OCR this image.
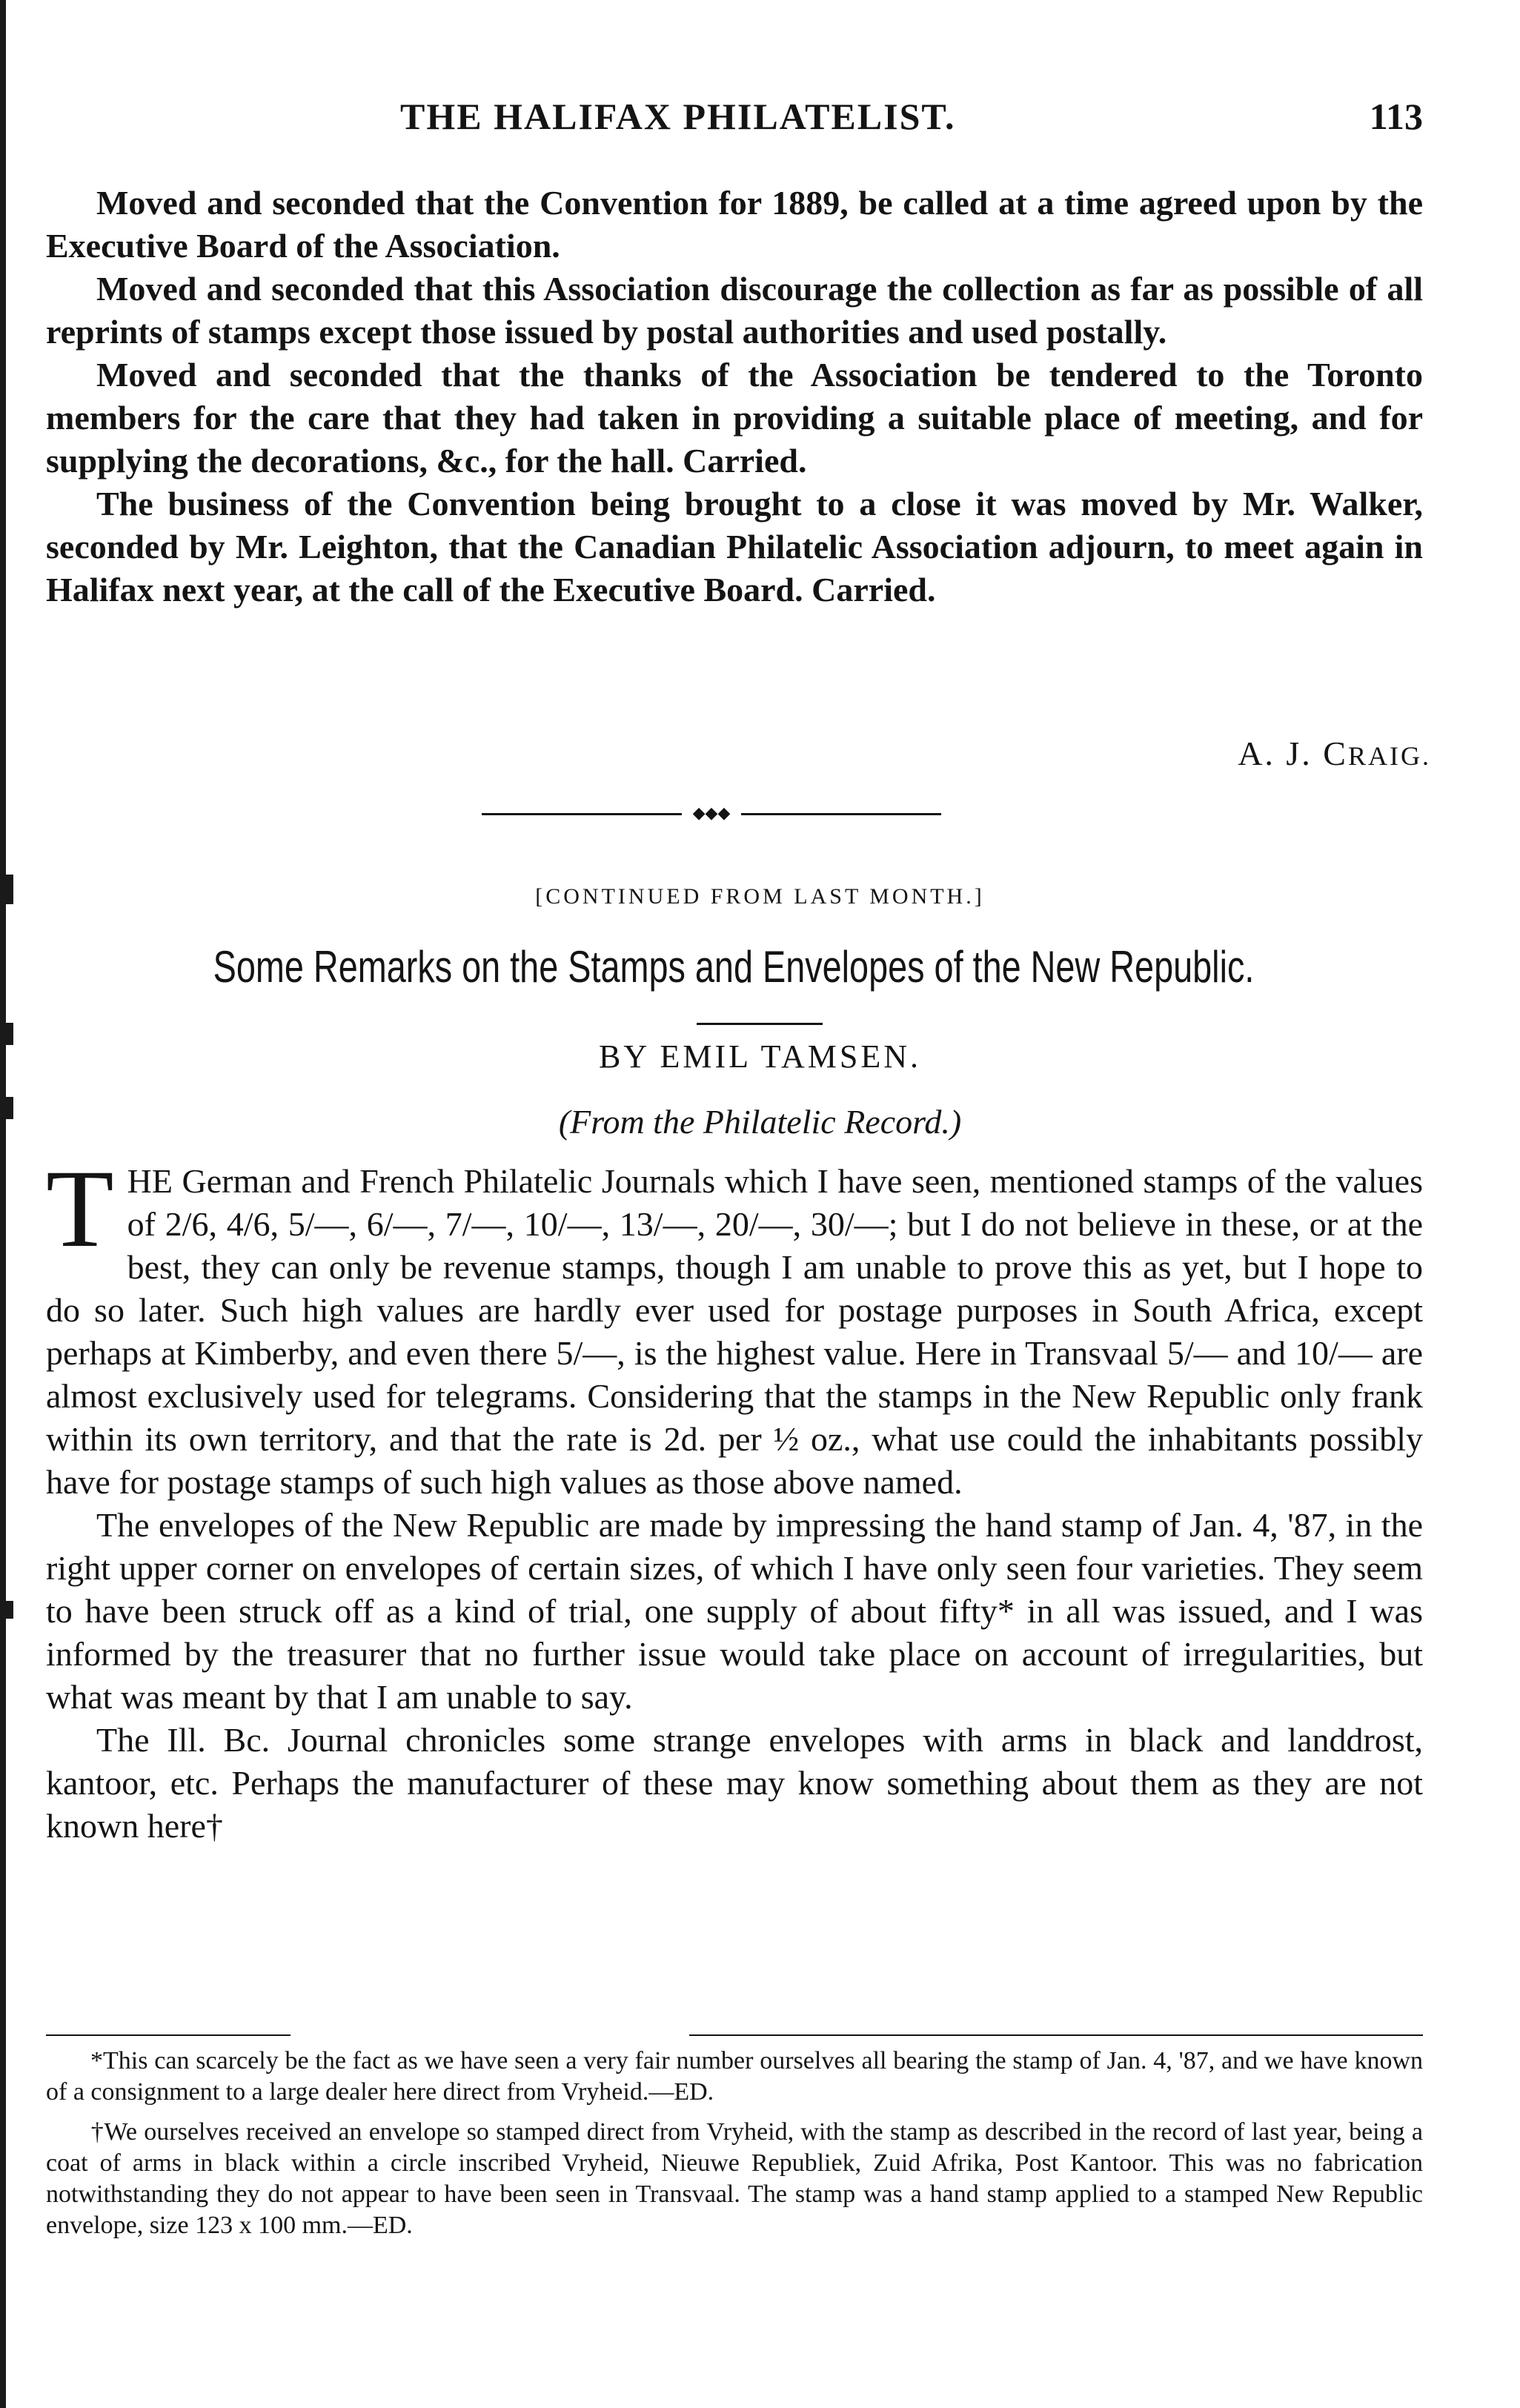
THE HALIFAX PHILATELIST.	113

Moved and seconded that the Convention for 1889, be called at a time agreed upon by the Executive Board of the Association.

Moved and seconded that this Association discourage the collection as far as possible of all reprints of stamps except those issued by postal authorities and used postally.

Moved and seconded that the thanks of the Association be tendered to the Toronto members for the care that they had taken in providing a suitable place of meeting, and for supplying the decorations, &c., for the hall. Carried.

The business of the Convention being brought to a close it was moved by Mr. Walker, seconded by Mr. Leighton, that the Canadian Philatelic Association adjourn, to meet again in Halifax next year, at the call of the Executive Board. Carried.

A. J. CRAIG.
◆◆◆
[CONTINUED FROM LAST MONTH.]
Some Remarks on the Stamps and Envelopes of the New Republic.
BY EMIL TAMSEN.
(From the Philatelic Record.)

THE German and French Philatelic Journals which I have seen, mentioned stamps of the values of 2/6, 4/6, 5/—, 6/—, 7/—, 10/—, 13/—, 20/—, 30/—; but I do not believe in these, or at the best, they can only be revenue stamps, though I am unable to prove this as yet, but I hope to do so later. Such high values are hardly ever used for postage purposes in South Africa, except perhaps at Kimberby, and even there 5/—, is the highest value. Here in Transvaal 5/— and 10/— are almost exclusively used for telegrams. Considering that the stamps in the New Republic only frank within its own territory, and that the rate is 2d. per ½ oz., what use could the inhabitants possibly have for postage stamps of such high values as those above named.

The envelopes of the New Republic are made by impressing the hand stamp of Jan. 4, '87, in the right upper corner on envelopes of certain sizes, of which I have only seen four varieties. They seem to have been struck off as a kind of trial, one supply of about fifty* in all was issued, and I was informed by the treasurer that no further issue would take place on account of irregularities, but what was meant by that I am unable to say.

The Ill. Bc. Journal chronicles some strange envelopes with arms in black and landdrost, kantoor, etc. Perhaps the manufacturer of these may know something about them as they are not known here†

*This can scarcely be the fact as we have seen a very fair number ourselves all bearing the stamp of Jan. 4, '87, and we have known of a consignment to a large dealer here direct from Vryheid.—ED.

†We ourselves received an envelope so stamped direct from Vryheid, with the stamp as described in the record of last year, being a coat of arms in black within a circle inscribed Vryheid, Nieuwe Republiek, Zuid Afrika, Post Kantoor. This was no fabrication notwithstanding they do not appear to have been seen in Transvaal. The stamp was a hand stamp applied to a stamped New Republic envelope, size 123 x 100 mm.—ED.
